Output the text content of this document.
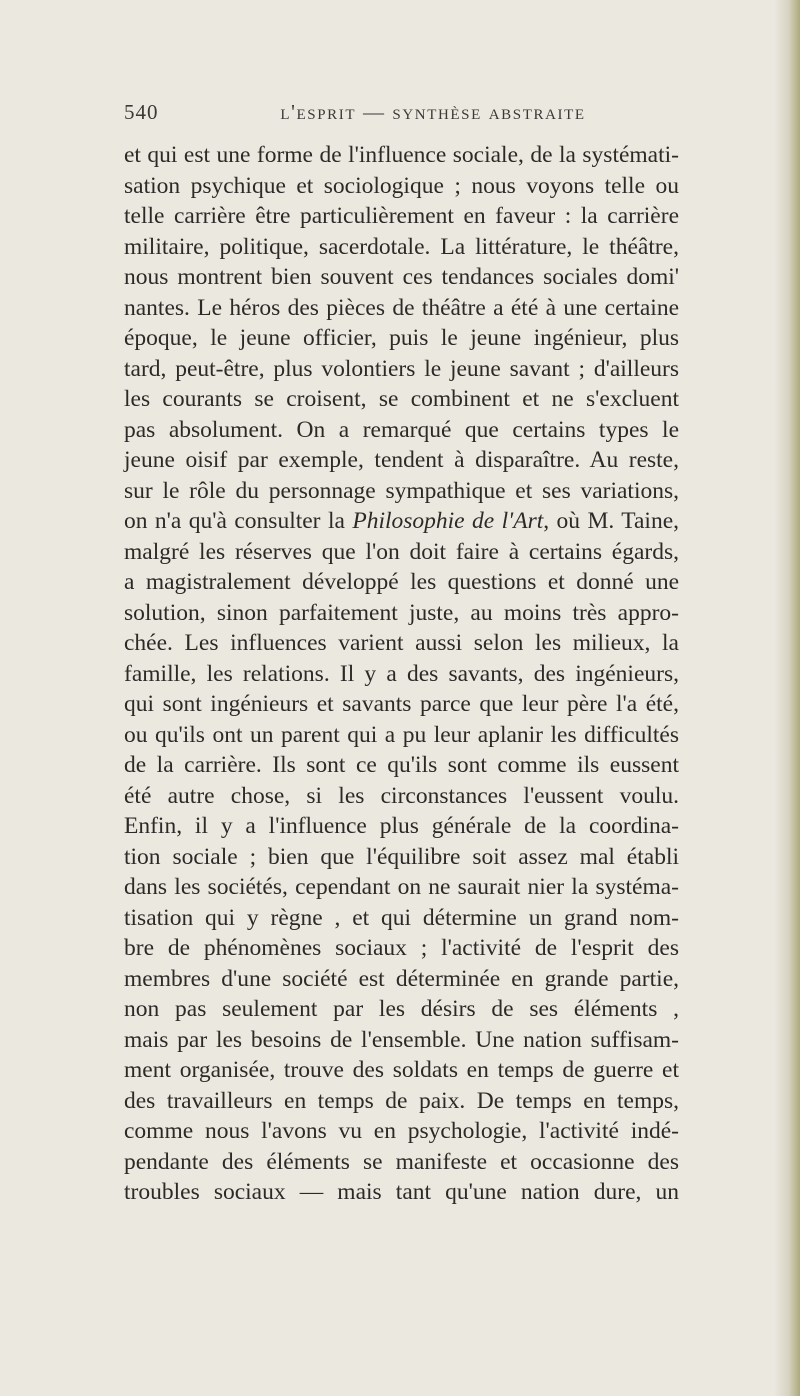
540	l'esprit — synthèse abstraite
et qui est une forme de l'influence sociale, de la systémati-
sation psychique et sociologique ; nous voyons telle ou
telle carrière être particulièrement en faveur : la carrière
militaire, politique, sacerdotale. La littérature, le théâtre,
nous montrent bien souvent ces tendances sociales domi'
nantes. Le héros des pièces de théâtre a été à une certaine
époque, le jeune officier, puis le jeune ingénieur, plus
tard, peut-être, plus volontiers le jeune savant ; d'ailleurs
les courants se croisent, se combinent et ne s'excluent
pas absolument. On a remarqué que certains types le
jeune oisif par exemple, tendent à disparaître. Au reste,
sur le rôle du personnage sympathique et ses variations,
on n'a qu'à consulter la Philosophie de l'Art, où M. Taine,
malgré les réserves que l'on doit faire à certains égards,
a magistralement développé les questions et donné une
solution, sinon parfaitement juste, au moins très appro-
chée. Les influences varient aussi selon les milieux, la
famille, les relations. Il y a des savants, des ingénieurs,
qui sont ingénieurs et savants parce que leur père l'a été,
ou qu'ils ont un parent qui a pu leur aplanir les difficultés
de la carrière. Ils sont ce qu'ils sont comme ils eussent
été autre chose, si les circonstances l'eussent voulu.
Enfin, il y a l'influence plus générale de la coordina-
tion sociale ; bien que l'équilibre soit assez mal établi
dans les sociétés, cependant on ne saurait nier la systéma-
tisation qui y règne , et qui détermine un grand nom-
bre de phénomènes sociaux ; l'activité de l'esprit des
membres d'une société est déterminée en grande partie,
non pas seulement par les désirs de ses éléments ,
mais par les besoins de l'ensemble. Une nation suffisam-
ment organisée, trouve des soldats en temps de guerre et
des travailleurs en temps de paix. De temps en temps,
comme nous l'avons vu en psychologie, l'activité indé-
pendante des éléments se manifeste et occasionne des
troubles sociaux — mais tant qu'une nation dure, un
